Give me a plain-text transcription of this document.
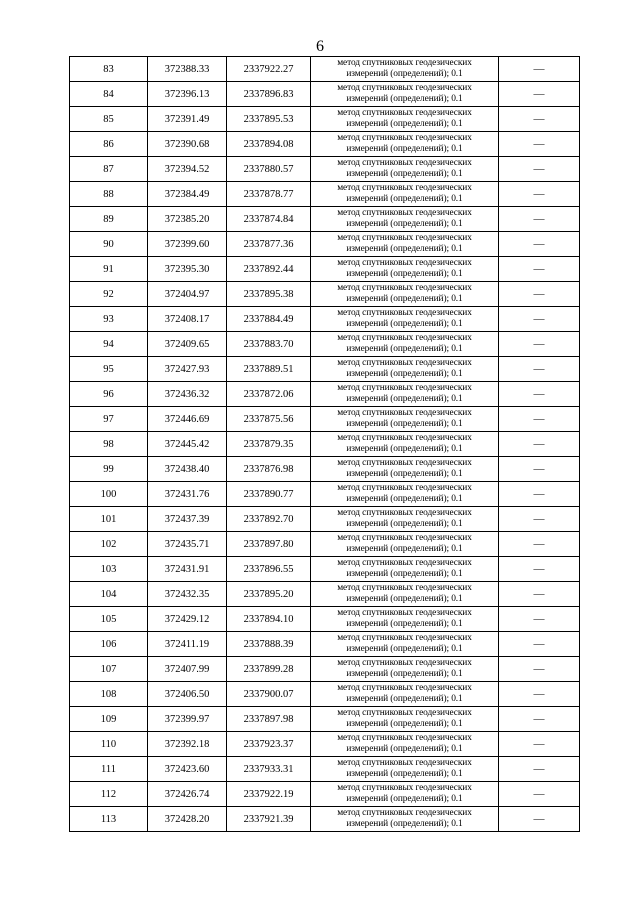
6
83	372388.33	2337922.27	метод спутниковых геодезических
измерений (определений); 0.1	—
84	372396.13	2337896.83	метод спутниковых геодезических
измерений (определений); 0.1	—
85	372391.49	2337895.53	метод спутниковых геодезических
измерений (определений); 0.1	—
86	372390.68	2337894.08	метод спутниковых геодезических
измерений (определений); 0.1	—
87	372394.52	2337880.57	метод спутниковых геодезических
измерений (определений); 0.1	—
88	372384.49	2337878.77	метод спутниковых геодезических
измерений (определений); 0.1	—
89	372385.20	2337874.84	метод спутниковых геодезических
измерений (определений); 0.1	—
90	372399.60	2337877.36	метод спутниковых геодезических
измерений (определений); 0.1	—
91	372395.30	2337892.44	метод спутниковых геодезических
измерений (определений); 0.1	—
92	372404.97	2337895.38	метод спутниковых геодезических
измерений (определений); 0.1	—
93	372408.17	2337884.49	метод спутниковых геодезических
измерений (определений); 0.1	—
94	372409.65	2337883.70	метод спутниковых геодезических
измерений (определений); 0.1	—
95	372427.93	2337889.51	метод спутниковых геодезических
измерений (определений); 0.1	—
96	372436.32	2337872.06	метод спутниковых геодезических
измерений (определений); 0.1	—
97	372446.69	2337875.56	метод спутниковых геодезических
измерений (определений); 0.1	—
98	372445.42	2337879.35	метод спутниковых геодезических
измерений (определений); 0.1	—
99	372438.40	2337876.98	метод спутниковых геодезических
измерений (определений); 0.1	—
100	372431.76	2337890.77	метод спутниковых геодезических
измерений (определений); 0.1	—
101	372437.39	2337892.70	метод спутниковых геодезических
измерений (определений); 0.1	—
102	372435.71	2337897.80	метод спутниковых геодезических
измерений (определений); 0.1	—
103	372431.91	2337896.55	метод спутниковых геодезических
измерений (определений); 0.1	—
104	372432.35	2337895.20	метод спутниковых геодезических
измерений (определений); 0.1	—
105	372429.12	2337894.10	метод спутниковых геодезических
измерений (определений); 0.1	—
106	372411.19	2337888.39	метод спутниковых геодезических
измерений (определений); 0.1	—
107	372407.99	2337899.28	метод спутниковых геодезических
измерений (определений); 0.1	—
108	372406.50	2337900.07	метод спутниковых геодезических
измерений (определений); 0.1	—
109	372399.97	2337897.98	метод спутниковых геодезических
измерений (определений); 0.1	—
110	372392.18	2337923.37	метод спутниковых геодезических
измерений (определений); 0.1	—
111	372423.60	2337933.31	метод спутниковых геодезических
измерений (определений); 0.1	—
112	372426.74	2337922.19	метод спутниковых геодезических
измерений (определений); 0.1	—
113	372428.20	2337921.39	метод спутниковых геодезических
измерений (определений); 0.1	—
